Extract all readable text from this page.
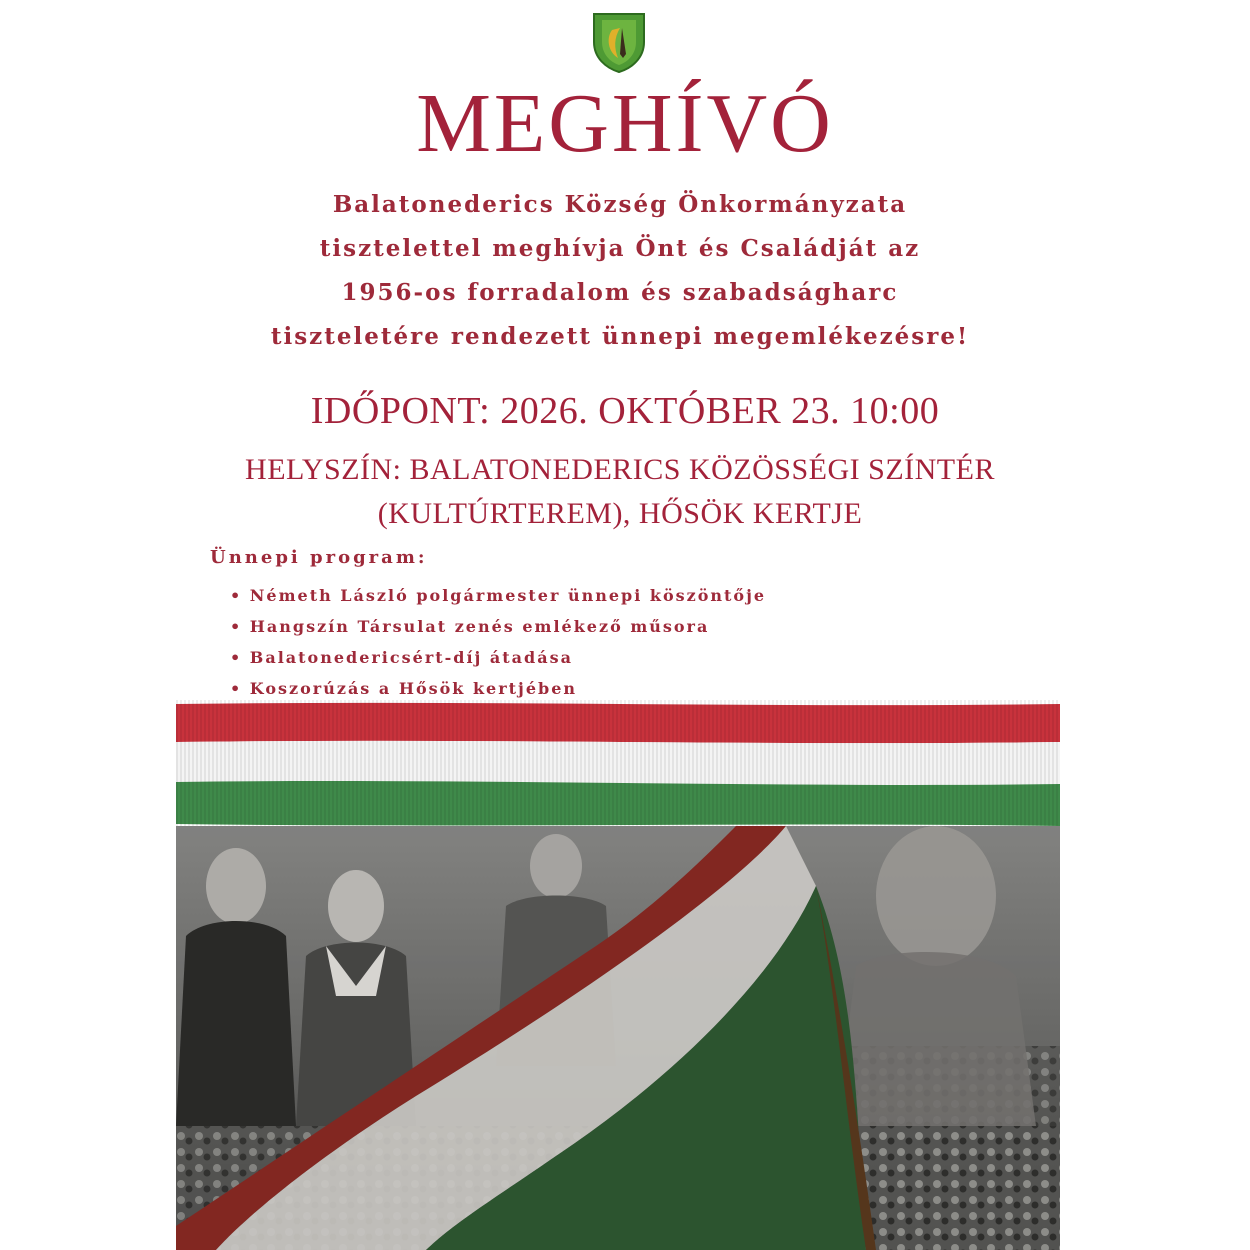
MEGHÍVÓ
Balatonederics Község Önkormányzata
tisztelettel meghívja Önt és Családját az
1956-os forradalom és szabadságharc
tiszteletére rendezett ünnepi megemlékezésre!
IDŐPONT: 2026. OKTÓBER 23. 10:00
HELYSZÍN: BALATONEDERICS KÖZÖSSÉGI SZÍNTÉR
(KULTÚRTEREM), HŐSÖK KERTJE
Ünnepi program:
• Németh László polgármester ünnepi köszöntője
• Hangszín Társulat zenés emlékező műsora
• Balatonedericsért-díj átadása
• Koszorúzás a Hősök kertjében
